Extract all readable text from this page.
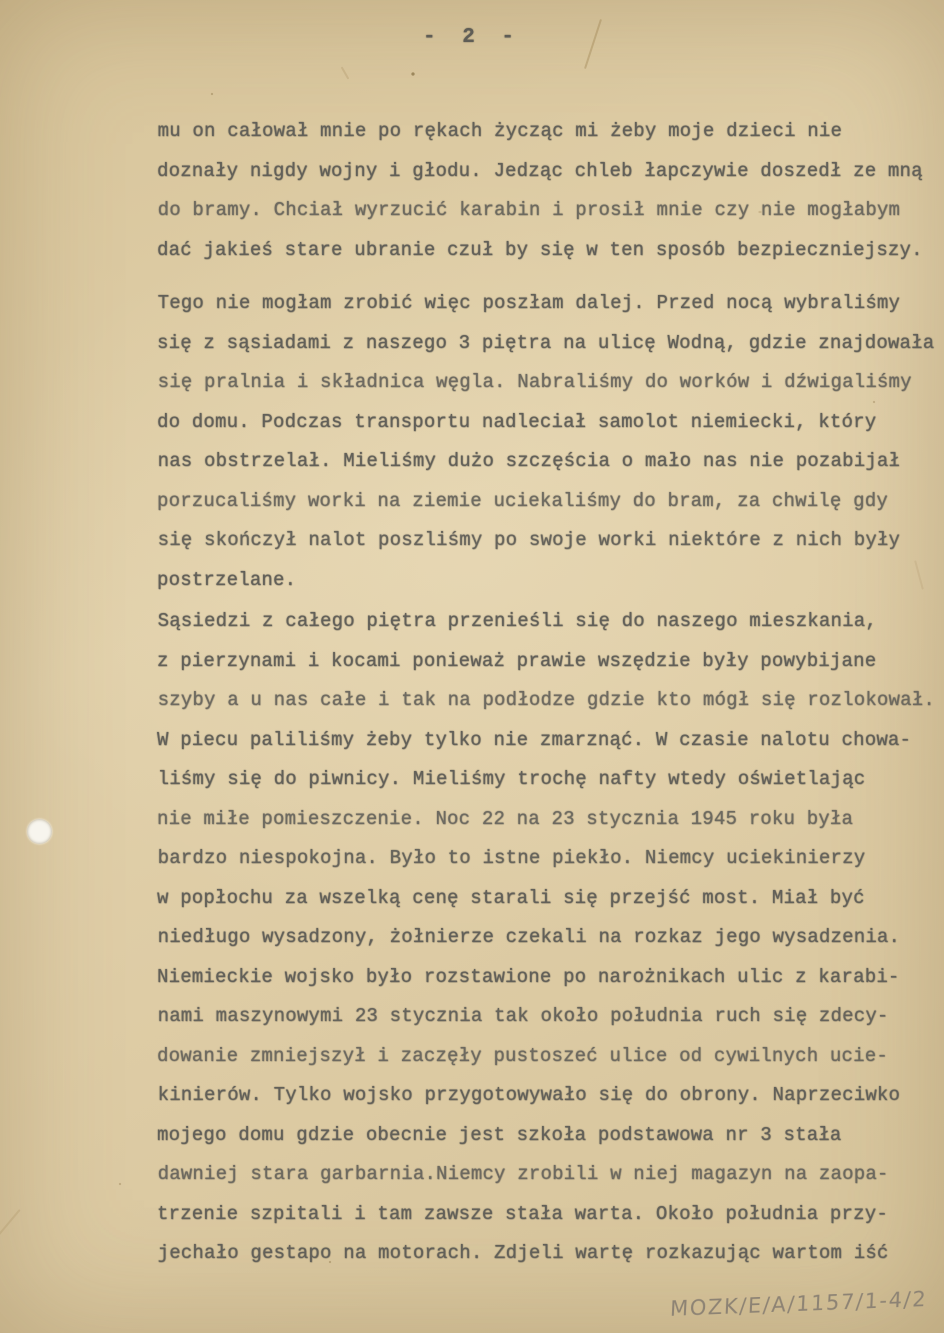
- 2 -
mu on całował mnie po rękach życząc mi żeby moje dzieci nie
doznały nigdy wojny i głodu. Jedząc chleb łapczywie doszedł ze mną
do bramy. Chciał wyrzucić karabin i prosił mnie czy nie mogłabym
dać jakieś stare ubranie czuł by się w ten sposób bezpieczniejszy.
Tego nie mogłam zrobić więc poszłam dalej. Przed nocą wybraliśmy
się z sąsiadami z naszego 3 piętra na ulicę Wodną, gdzie znajdowała
się pralnia i składnica węgla. Nabraliśmy do worków i dźwigaliśmy
do domu. Podczas transportu nadleciał samolot niemiecki, który
nas obstrzelał. Mieliśmy dużo szczęścia o mało nas nie pozabijał
porzucaliśmy worki na ziemie uciekaliśmy do bram, za chwilę gdy
się skończył nalot poszliśmy po swoje worki niektóre z nich były
postrzelane.
Sąsiedzi z całego piętra przenieśli się do naszego mieszkania,
z pierzynami i kocami ponieważ prawie wszędzie były powybijane
szyby a u nas całe i tak na podłodze gdzie kto mógł się rozlokował.
W piecu paliliśmy żeby tylko nie zmarznąć. W czasie nalotu chowa-
liśmy się do piwnicy. Mieliśmy trochę nafty wtedy oświetlając
nie miłe pomieszczenie. Noc 22 na 23 stycznia 1945 roku była
bardzo niespokojna. Było to istne piekło. Niemcy uciekinierzy
w popłochu za wszelką cenę starali się przejść most. Miał być
niedługo wysadzony, żołnierze czekali na rozkaz jego wysadzenia.
Niemieckie wojsko było rozstawione po narożnikach ulic z karabi-
nami maszynowymi 23 stycznia tak około południa ruch się zdecy-
dowanie zmniejszył i zaczęły pustoszeć ulice od cywilnych ucie-
kinierów. Tylko wojsko przygotowywało się do obrony. Naprzeciwko
mojego domu gdzie obecnie jest szkoła podstawowa nr 3 stała
dawniej stara garbarnia.Niemcy zrobili w niej magazyn na zaopa-
trzenie szpitali i tam zawsze stała warta. Około południa przy-
jechało gestapo na motorach. Zdjeli wartę rozkazując wartom iść
MOZK/E/A/1157/1-4/2
